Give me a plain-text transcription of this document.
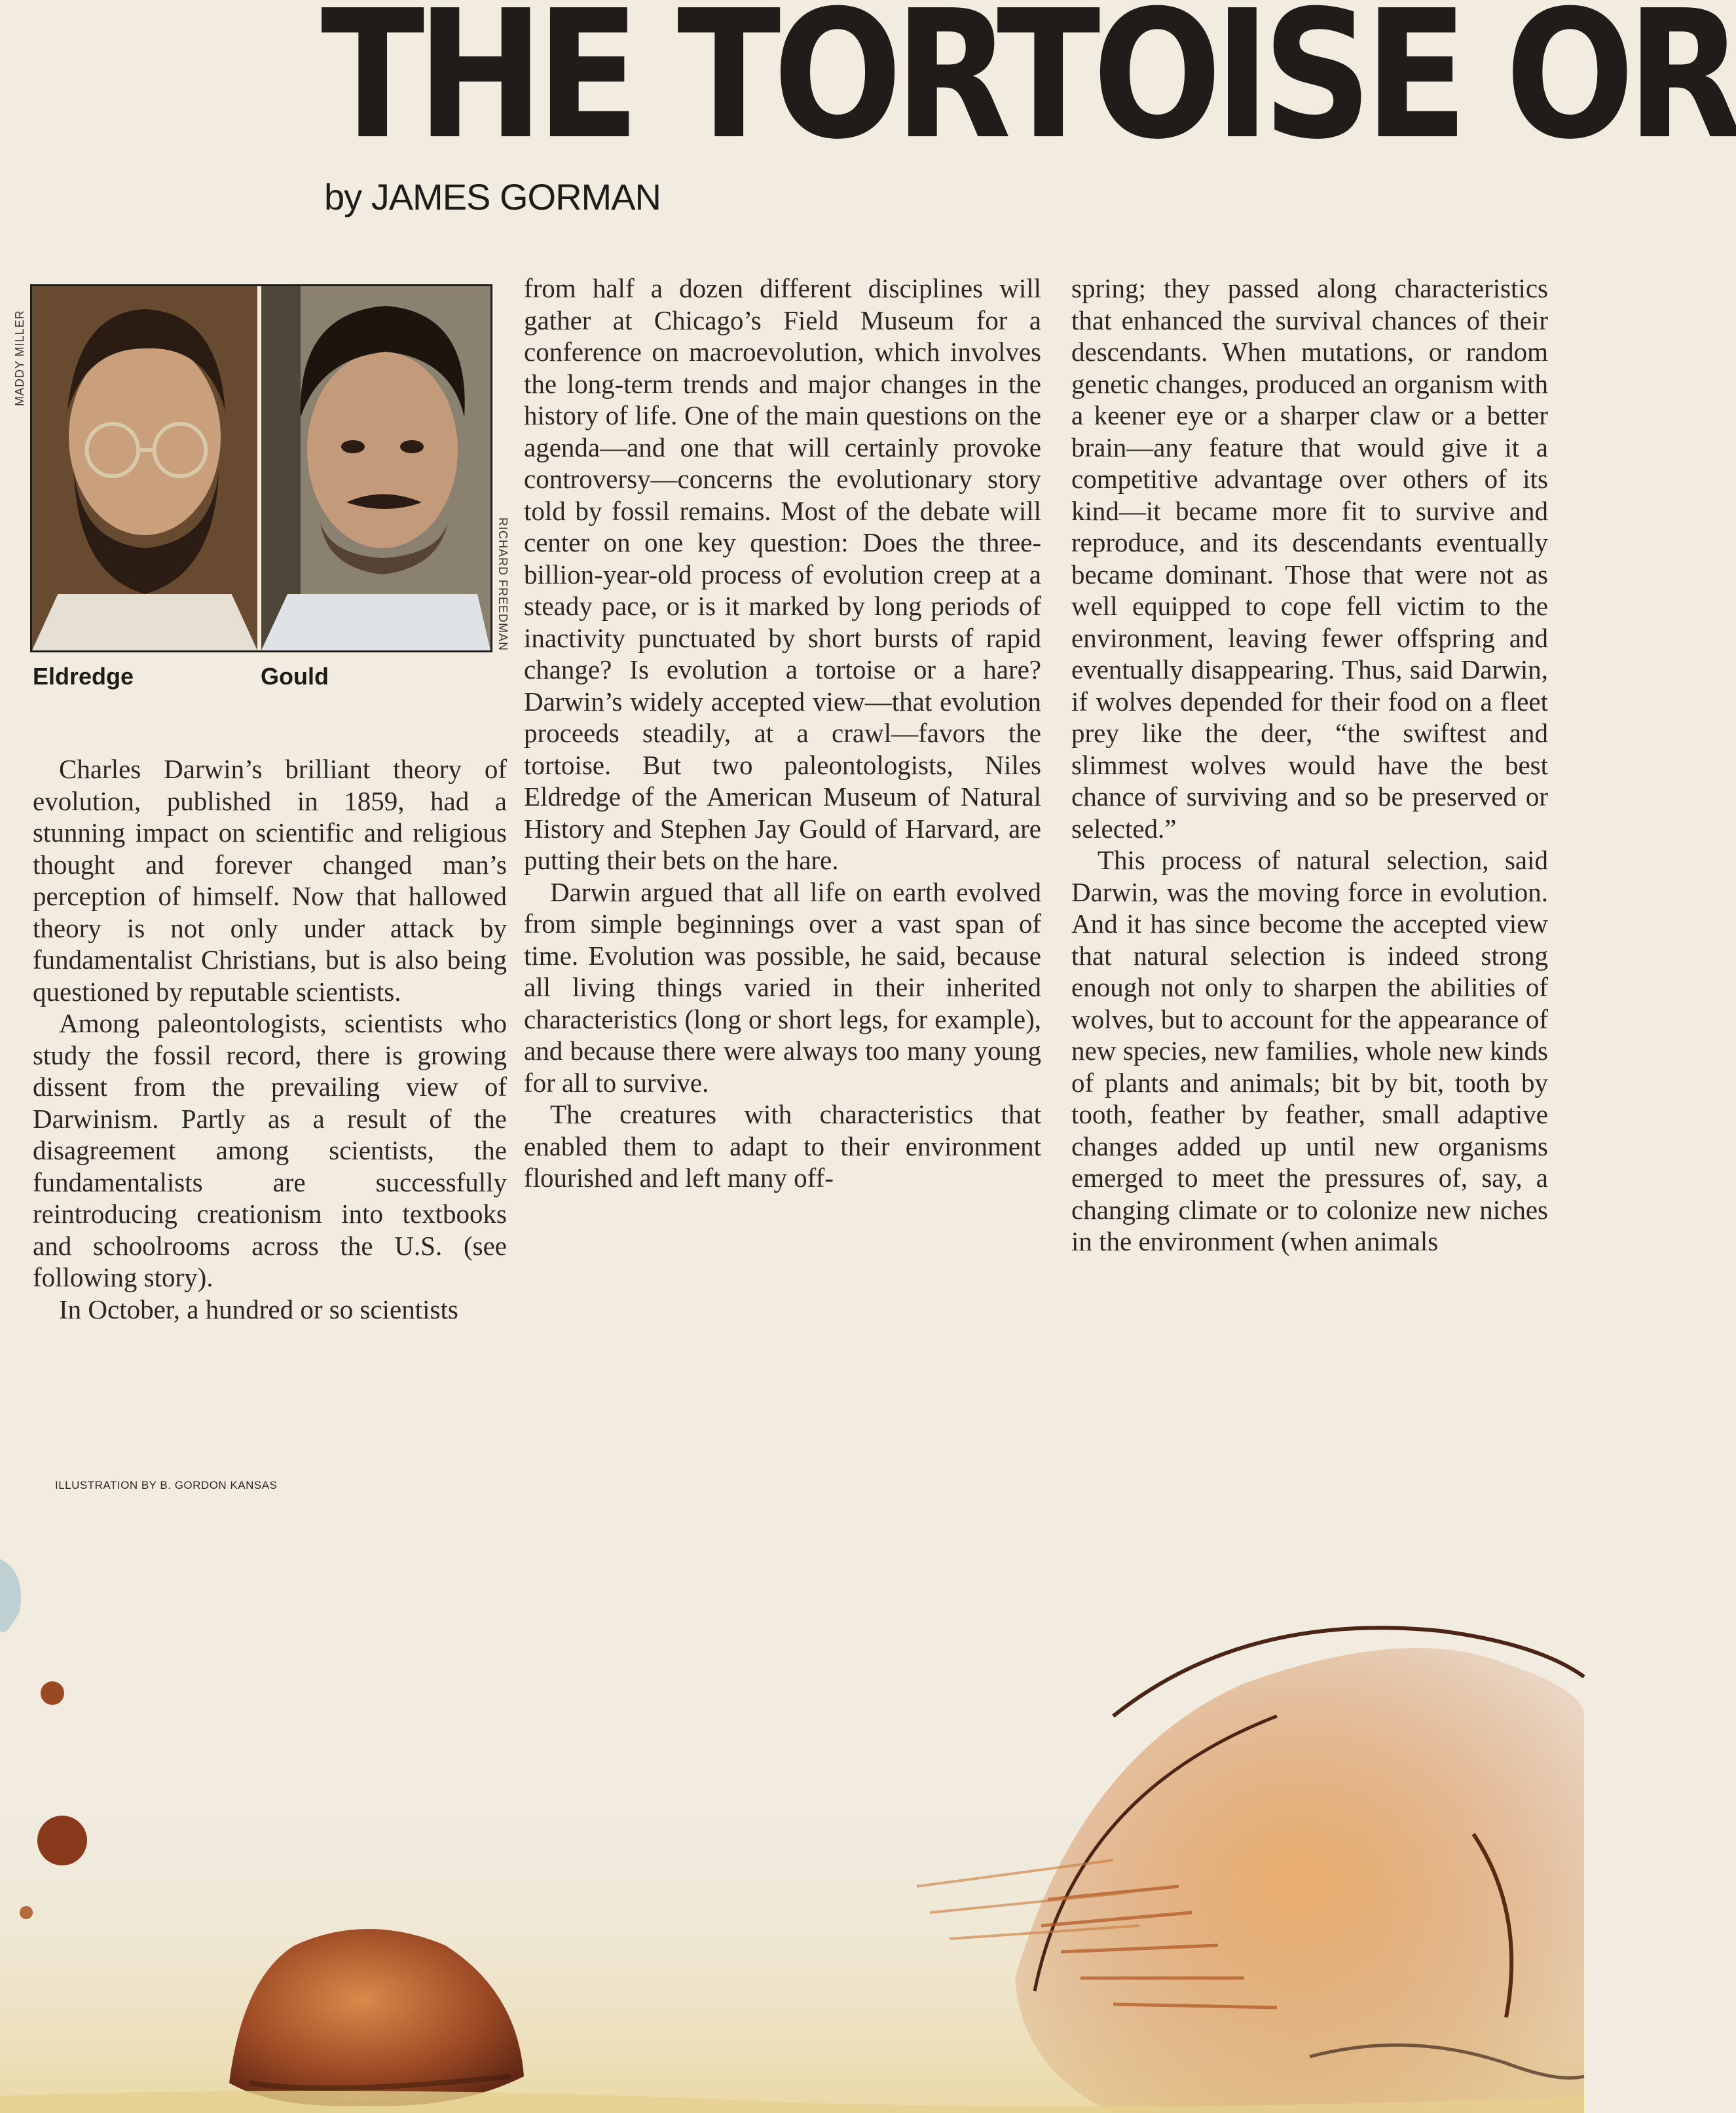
THE TORTOISE OR
by JAMES GORMAN
MADDY MILLER
RICHARD FREEDMAN
Eldredge	Gould

Charles Darwin’s brilliant theory of evolution, published in 1859, had a stunning impact on scientific and religious thought and forever changed man’s perception of himself. Now that hallowed theory is not only under attack by fundamentalist Christians, but is also being questioned by reputable scientists.

Among paleontologists, scientists who study the fossil record, there is growing dissent from the prevailing view of Darwinism. Partly as a result of the disagreement among scientists, the fundamentalists are successfully reintroducing creationism into textbooks and schoolrooms across the U.S. (see following story).

In October, a hundred or so scientists

from half a dozen different disciplines will gather at Chicago’s Field Museum for a conference on macroevolution, which involves the long-term trends and major changes in the history of life. One of the main questions on the agenda—and one that will certainly provoke controversy—concerns the evolutionary story told by fossil remains. Most of the debate will center on one key question: Does the three-billion-year-old process of evolution creep at a steady pace, or is it marked by long periods of inactivity punctuated by short bursts of rapid change? Is evolution a tortoise or a hare? Darwin’s widely accepted view—that evolution proceeds steadily, at a crawl—favors the tortoise. But two paleontologists, Niles Eldredge of the American Museum of Natural History and Stephen Jay Gould of Harvard, are putting their bets on the hare.

Darwin argued that all life on earth evolved from simple beginnings over a vast span of time. Evolution was possible, he said, because all living things varied in their inherited characteristics (long or short legs, for example), and because there were always too many young for all to survive.

The creatures with characteristics that enabled them to adapt to their environment flourished and left many off-

spring; they passed along characteristics that enhanced the survival chances of their descendants. When mutations, or random genetic changes, produced an organism with a keener eye or a sharper claw or a better brain—any feature that would give it a competitive advantage over others of its kind—it became more fit to survive and reproduce, and its descendants eventually became dominant. Those that were not as well equipped to cope fell victim to the environment, leaving fewer offspring and eventually disappearing. Thus, said Darwin, if wolves depended for their food on a fleet prey like the deer, “the swiftest and slimmest wolves would have the best chance of surviving and so be preserved or selected.”

This process of natural selection, said Darwin, was the moving force in evolution. And it has since become the accepted view that natural selection is indeed strong enough not only to sharpen the abilities of wolves, but to account for the appearance of new species, new families, whole new kinds of plants and animals; bit by bit, tooth by tooth, feather by feather, small adaptive changes added up until new organisms emerged to meet the pressures of, say, a changing climate or to colonize new niches in the environment (when animals

ILLUSTRATION BY B. GORDON KANSAS
